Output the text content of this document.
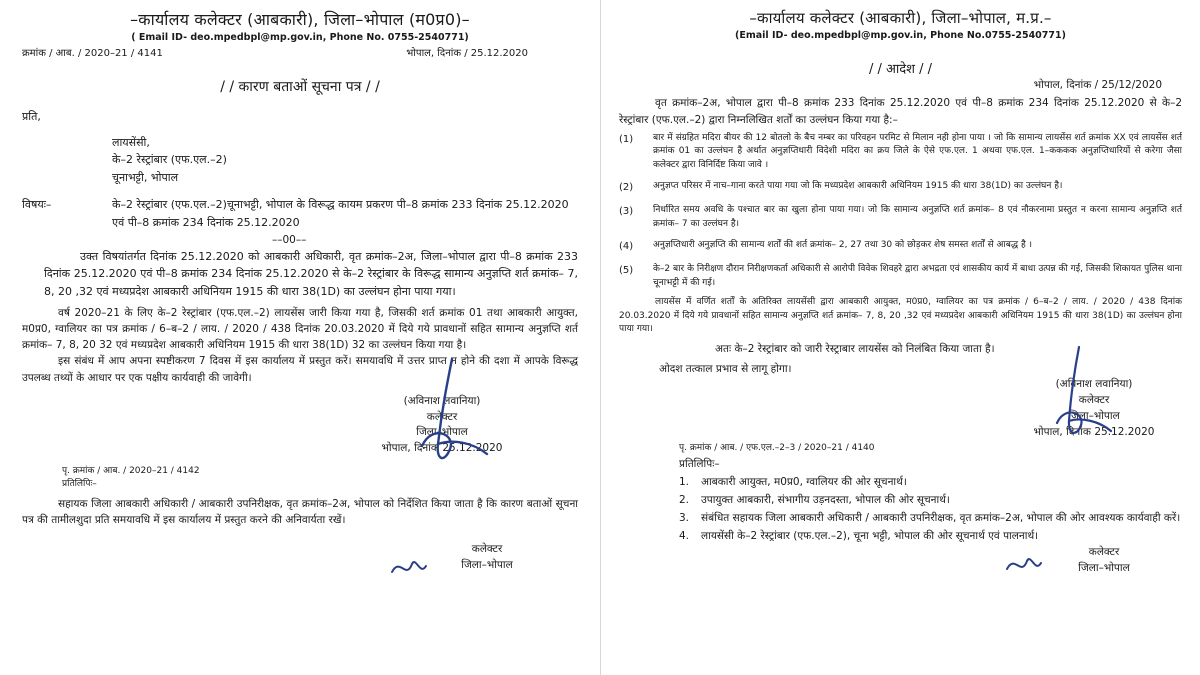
–कार्यालय कलेक्टर (आबकारी), जिला–भोपाल (म0प्र0)–

( Email ID- deo.mpedbpl@mp.gov.in, Phone No. 0755-2540771)

क्रमांक / आब. / 2020–21 / 4141	भोपाल, दिनांक / 25.12.2020

/ / कारण बताओं सूचना पत्र / /

प्रति,

लायसेंसी,

के–2 रेस्ट्रांबार (एफ.एल.–2)

चूनाभट्टी, भोपाल

विषयः–	के–2 रेस्ट्रांबार (एफ.एल.–2)चूनाभट्टी, भोपाल के विरूद्ध कायम प्रकरण पी–8 क्रमांक 233 दिनांक 25.12.2020 एवं पी–8 क्रमांक 234 दिनांक 25.12.2020

––00––

उक्त विषयांतर्गत दिनांक 25.12.2020 को आबकारी अधिकारी, वृत क्रमांक–2अ, जिला–भोपाल द्वारा पी–8 क्रमांक 233 दिनांक 25.12.2020 एवं पी–8 क्रमांक 234 दिनांक 25.12.2020 से के–2 रेस्ट्रांबार के विरूद्ध सामान्य अनुज्ञप्ति शर्त क्रमांक– 7, 8, 20 ,32 एवं मध्यप्रदेश आबकारी अधिनियम 1915 की धारा 38(1D) का उल्लंघन होना पाया गया।

वर्ष 2020–21 के लिए के–2 रेस्ट्रांबार (एफ.एल.–2) लायसेंस जारी किया गया है, जिसकी शर्त क्रमांक 01 तथा आबकारी आयुक्त, म0प्र0, ग्वालियर का पत्र क्रमांक / 6–ब–2 / लाय. / 2020 / 438 दिनांक 20.03.2020 में दिये गये प्रावधानों सहित सामान्य अनुज्ञप्ति शर्त क्रमांक– 7, 8, 20 32 एवं मध्यप्रदेश आबकारी अधिनियम 1915 की धारा 38(1D) 32 का उल्लंघन किया गया है।

इस संबंध में आप अपना स्पष्टीकरण 7 दिवस में इस कार्यालय में प्रस्तुत करें। समयावधि में उत्तर प्राप्त न होने की दशा में आपके विरूद्ध उपलब्ध तथ्यों के आधार पर एक पक्षीय कार्यवाही की जावेगी।

(अविनाश लवानिया)

कलेक्टर

जिला–भोपाल

भोपाल, दिनांक 25.12.2020

पृ. क्रमांक / आब. / 2020–21 / 4142

प्रतिलिपिः–

सहायक जिला आबकारी अधिकारी / आबकारी उपनिरीक्षक, वृत क्रमांक–2अ, भोपाल को निर्देशित किया जाता है कि कारण बताओं सूचना पत्र की तामीलशुदा प्रति समयावधि में इस कार्यालय में प्रस्तुत करने की अनिवार्यता रखें।

कलेक्टर

जिला–भोपाल

–कार्यालय कलेक्टर (आबकारी), जिला–भोपाल, म.प्र.–

(Email ID- deo.mpedbpl@mp.gov.in, Phone No.0755-2540771)

/ / आदेश / /

भोपाल, दिनांक / 25/12/2020

वृत क्रमांक–2अ, भोपाल द्वारा पी–8 क्रमांक 233 दिनांक 25.12.2020 एवं पी–8 क्रमांक 234 दिनांक 25.12.2020 से के–2 रेस्ट्रांबार (एफ.एल.–2) द्वारा निम्नलिखित शर्तों का उल्लंघन किया गया है:–

(1)	बार में संग्रहित मदिरा बीयर की 12 बोतलो के बैच नम्बर का परिवहन परमिट से मिलान नही होना पाया । जो कि सामान्य लायसेंस शर्त क्रमांक XX एवं लायसेंस शर्त क्रमांक 01 का उल्लंघन है अर्थात अनुज्ञप्तिधारी विदेशी मदिरा का क्रय जिले के ऐसे एफ.एल. 1 अथवा एफ.एल. 1–कककक अनुज्ञप्तिधारियों से करेगा जैसा कलेक्टर द्वारा विनिर्दिष्ट किया जावे ।
(2)	अनुज्ञप्त परिसर में नाच–गाना करते पाया गया जो कि मध्यप्रदेश आबकारी अधिनियम 1915 की धारा 38(1D) का उल्लंघन है।
(3)	निर्धारित समय अवधि के पश्चात बार का खुला होना पाया गया। जो कि सामान्य अनुज्ञप्ति शर्त क्रमांक– 8 एवं नौकरनामा प्रस्तुत न करना सामान्य अनुज्ञप्ति शर्त क्रमांक– 7 का उल्लंघन है।
(4)	अनुज्ञप्तिधारी अनुज्ञप्ति की सामान्य शर्तों की शर्त क्रमांक– 2, 27 तथा 30 को छोड़कर शेष समस्त शर्तों से आबद्ध है ।
(5)	के–2 बार के निरीक्षण दौरान निरीक्षणकर्ता अधिकारी से आरोपी विवेक शिवहरे द्वारा अभद्रता एवं शासकीय कार्य में बाधा उत्पन्न की गई, जिसकी शिकायत पुलिस थाना चूनाभट्टी में की गई।

लायसेंस में वर्णित शर्तों के अतिरिक्त लायसेंसी द्वारा आबकारी आयुक्त, म0प्र0, ग्वालियर का पत्र क्रमांक / 6–ब–2 / लाय. / 2020 / 438 दिनांक 20.03.2020 में दिये गये प्रावधानों सहित सामान्य अनुज्ञप्ति शर्त क्रमांक– 7, 8, 20 ,32 एवं मध्यप्रदेश आबकारी अधिनियम 1915 की धारा 38(1D) का उल्लंघन होना पाया गया।

अतः के–2 रेस्ट्रांबार को जारी रेस्ट्राबार लायसेंस को निलंबित किया जाता है।

ओदश तत्काल प्रभाव से लागू होगा।

(अविनाश लवानिया)

कलेक्टर

जिला–भोपाल

भोपाल, दिनांक 25.12.2020

पृ. क्रमांक / आब. / एफ.एल.–2–3 / 2020–21 / 4140

प्रतिलिपिः–

1.	आबकारी आयुक्त, म0प्र0, ग्वालियर की ओर सूचनार्थ।
2.	उपायुक्त आबकारी, संभागीय उड़नदस्ता, भोपाल की ओर सूचनार्थ।
3.	संबंधित सहायक जिला आबकारी अधिकारी / आबकारी उपनिरीक्षक, वृत क्रमांक–2अ, भोपाल की ओर आवश्यक कार्यवाही करें।
4.	लायसेंसी के–2 रेस्ट्रांबार (एफ.एल.–2), चूना भट्टी, भोपाल की ओर सूचनार्थ एवं पालनार्थ।

कलेक्टर

जिला–भोपाल
